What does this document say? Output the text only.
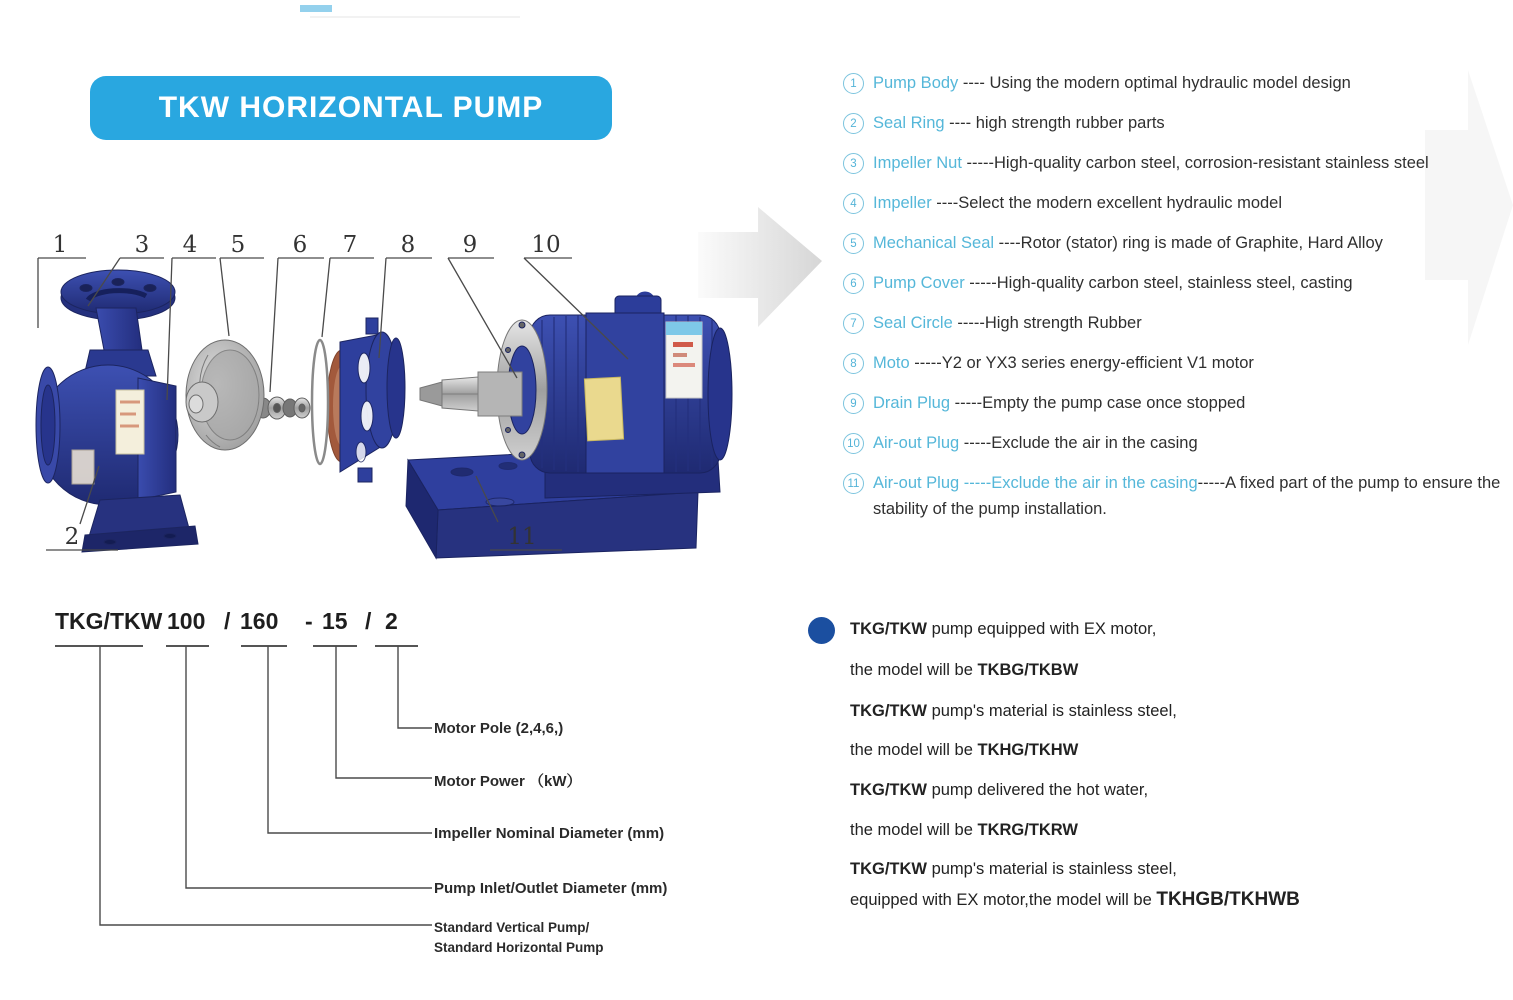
TKW HORIZONTAL PUMP
1	3 4 5 6 7 8 9 10
2	11
1 Pump Body ---- Using the modern optimal hydraulic model design
2 Seal Ring ---- high strength rubber parts
3 Impeller Nut -----High-quality carbon steel, corrosion-resistant stainless steel
4 Impeller ----Select the modern excellent hydraulic model
5 Mechanical Seal ----Rotor (stator) ring is made of Graphite, Hard Alloy
6 Pump Cover -----High-quality carbon steel, stainless steel, casting
7 Seal Circle -----High strength Rubber
8 Moto -----Y2 or YX3 series energy-efficient V1 motor
9 Drain Plug -----Empty the pump case once stopped
10 Air-out Plug -----Exclude the air in the casing
11 Air-out Plug -----Exclude the air in the casing-----A fixed part of the pump to ensure the stability of the pump installation.
TKG/TKW 100 / 160 - 15 / 2
Motor Pole (2,4,6,)
Motor Power （kW）
Impeller Nominal Diameter (mm)
Pump Inlet/Outlet Diameter (mm)
Standard Vertical Pump/
Standard Horizontal Pump
TKG/TKW pump equipped with EX motor,
the model will be TKBG/TKBW
TKG/TKW pump's material is stainless steel,
the model will be TKHG/TKHW
TKG/TKW pump delivered the hot water,
the model will be TKRG/TKRW
TKG/TKW pump's material is stainless steel,
equipped with EX motor,the model will be TKHGB/TKHWB
